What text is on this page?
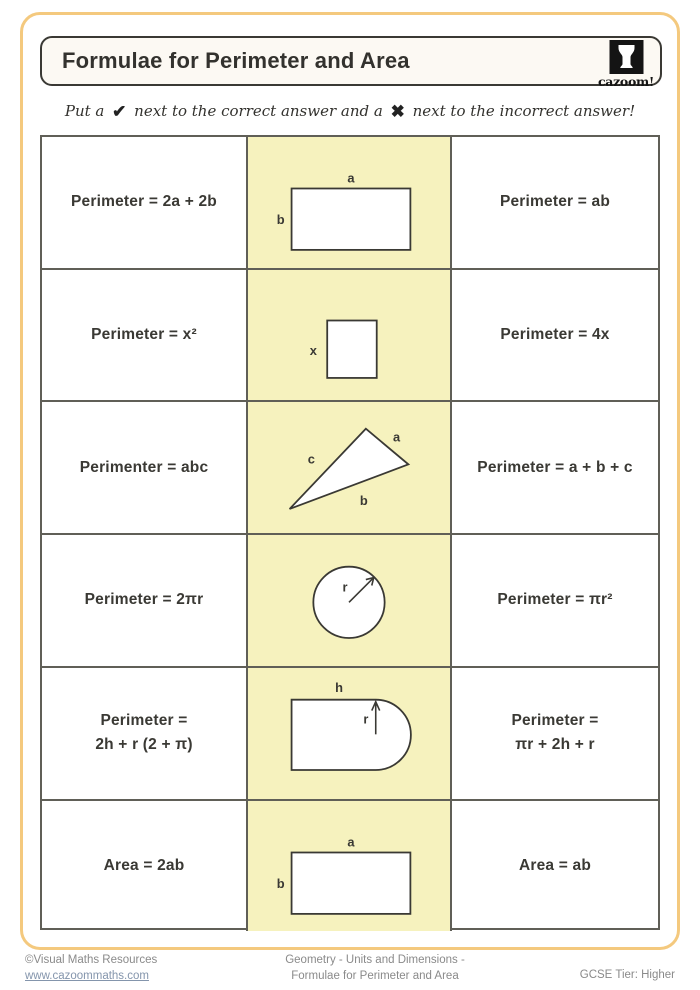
Formulae for Perimeter and Area
cazoom!
Put a ✔ next to the correct answer and a ✖ next to the incorrect answer!
Perimeter = 2a + 2b
a
b
Perimeter = ab
Perimeter = x²
x
Perimeter = 4x
Perimenter = abc
a
c
b
Perimeter = a + b + c
Perimeter = 2πr
r
Perimeter = πr²
Perimeter =
2h + r (2 + π)
r
h
Perimeter =
πr + 2h + r
Area = 2ab
a
b
Area = ab
©Visual Maths Resources
www.cazoommaths.com
Geometry - Units and Dimensions -
Formulae for Perimeter and Area	GCSE Tier: Higher
